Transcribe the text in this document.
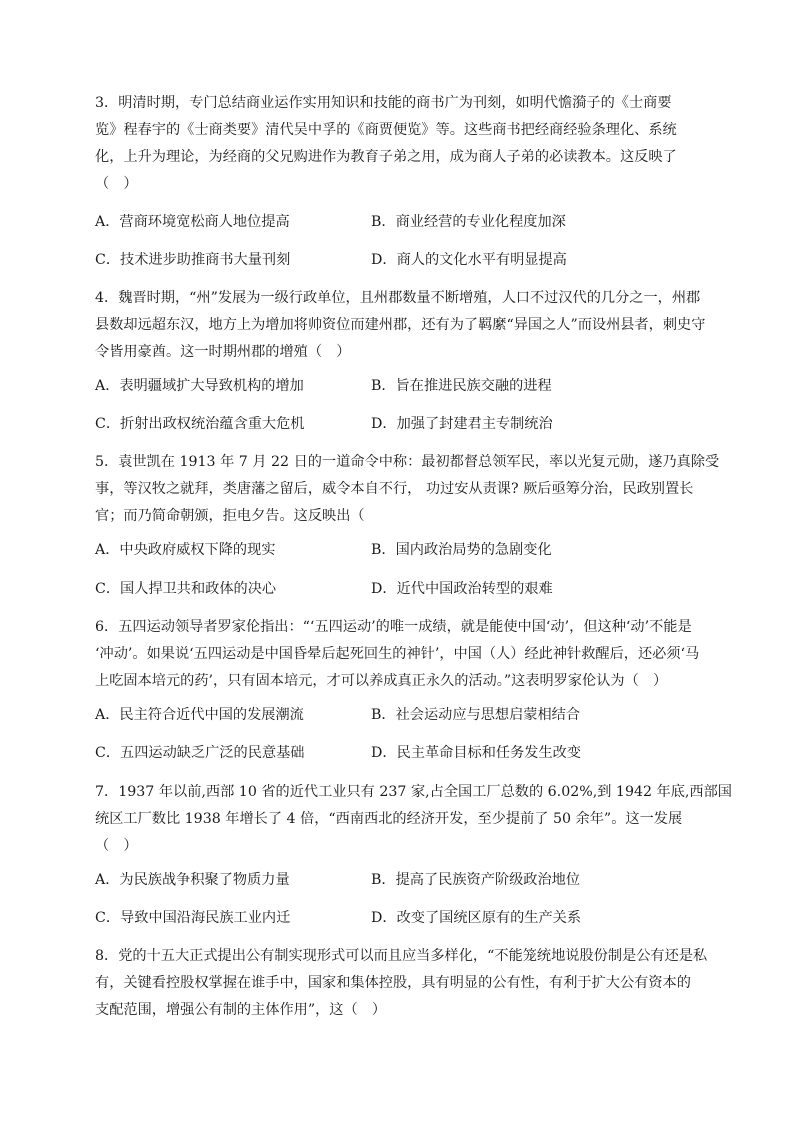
3．明清时期，专门总结商业运作实用知识和技能的商书广为刊刻，如明代憺漪子的《士商要
览》程春宇的《士商类要》清代吴中孚的《商贾便览》等。这些商书把经商经验条理化、系统
化，上升为理论，为经商的父兄购进作为教育子弟之用，成为商人子弟的必读教本。这反映了
（　）
A．营商环境宽松商人地位提高	B．商业经营的专业化程度加深
C．技术进步助推商书大量刊刻	D．商人的文化水平有明显提高
4．魏晋时期，“州”发展为一级行政单位，且州郡数量不断增殖，人口不过汉代的几分之一，州郡
县数却远超东汉，地方上为增加将帅资位而建州郡，还有为了羁縻“异国之人”而设州县者，刺史守
令皆用豪酋。这一时期州郡的增殖（　）
A．表明疆域扩大导致机构的增加	B．旨在推进民族交融的进程
C．折射出政权统治蕴含重大危机	D．加强了封建君主专制统治
5．袁世凯在 1913 年 7 月 22 日的一道命令中称：最初都督总领军民，率以光复元勋，遂乃真除受
事，等汉牧之就拜，类唐藩之留后，威令本自不行， 功过安从责课? 厥后亟筹分治，民政别置长
官；而乃简命朝颁，拒电夕告。这反映出（
A．中央政府威权下降的现实	B．国内政治局势的急剧变化
C．国人捍卫共和政体的决心	D．近代中国政治转型的艰难
6．五四运动领导者罗家伦指出：“‘五四运动’的唯一成绩，就是能使中国‘动’，但这种‘动’不能是
‘冲动’。如果说‘五四运动是中国昏晕后起死回生的神针’，中国（人）经此神针救醒后，还必须‘马
上吃固本培元的药’，只有固本培元，才可以养成真正永久的活动。”这表明罗家伦认为（　）
A．民主符合近代中国的发展潮流	B．社会运动应与思想启蒙相结合
C．五四运动缺乏广泛的民意基础	D．民主革命目标和任务发生改变
7．1937 年以前,西部 10 省的近代工业只有 237 家,占全国工厂总数的 6.02%,到 1942 年底,西部国
统区工厂数比 1938 年增长了 4 倍，“西南西北的经济开发，至少提前了 50 余年”。这一发展
（　）
A．为民族战争积聚了物质力量	B．提高了民族资产阶级政治地位
C．导致中国沿海民族工业内迁	D．改变了国统区原有的生产关系
8．党的十五大正式提出公有制实现形式可以而且应当多样化，“不能笼统地说股份制是公有还是私
有，关键看控股权掌握在谁手中，国家和集体控股，具有明显的公有性，有利于扩大公有资本的
支配范围，增强公有制的主体作用”，这（　）
